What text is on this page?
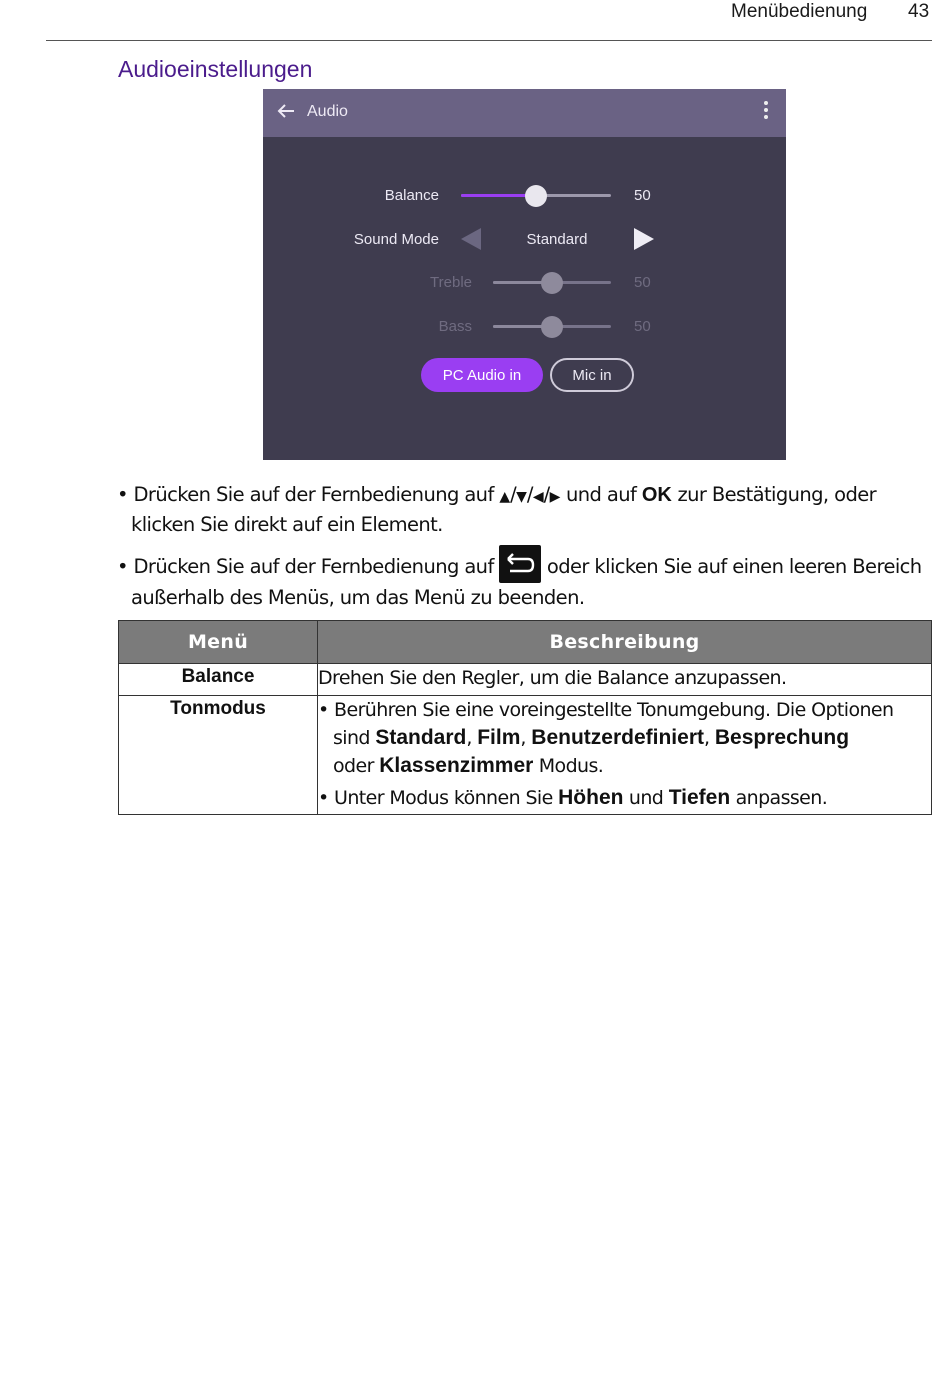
Menübedienung 43
Audioeinstellungen
Audio
Balance	50
Sound Mode	Standard
Treble	50
Bass	50
PC Audio in	Mic in
• Drücken Sie auf der Fernbedienung auf ▲/▼/◀/▶ und auf OK zur Bestätigung, oder
klicken Sie direkt auf ein Element.
• Drücken Sie auf der Fernbedienung auf
oder klicken Sie auf einen leeren Bereich
außerhalb des Menüs, um das Menü zu beenden.
Menü	Beschreibung
Balance	Drehen Sie den Regler, um die Balance anzupassen.
Tonmodus	• Berühren Sie eine voreingestellte Tonumgebung. Die Optionen
sind Standard, Film, Benutzerdefiniert, Besprechung
oder Klassenzimmer Modus.
• Unter Modus können Sie Höhen und Tiefen anpassen.
